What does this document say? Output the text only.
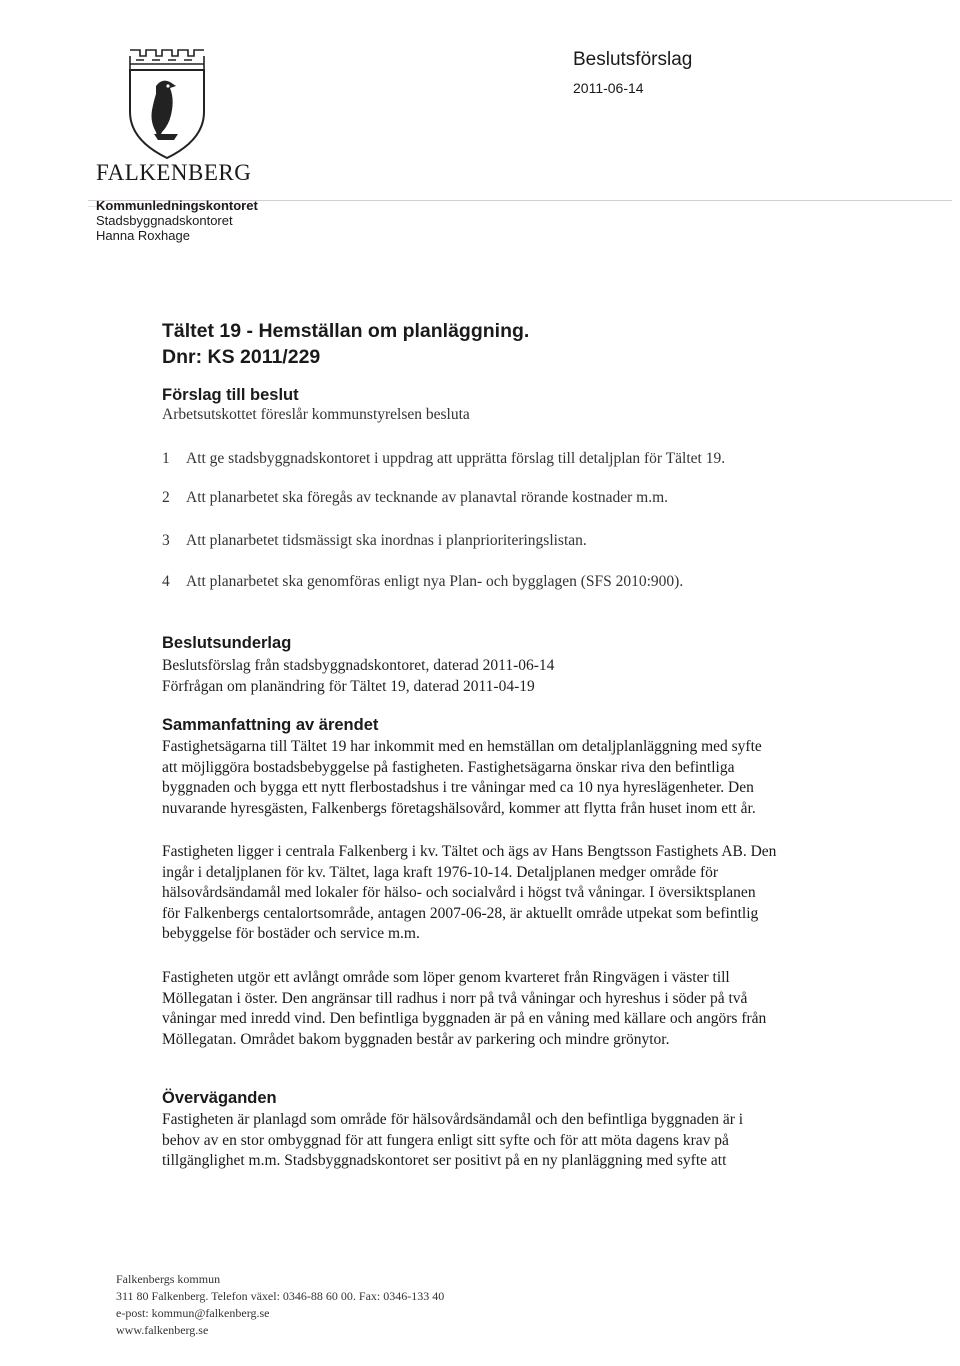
FALKENBERG
Kommunledningskontoret
Stadsbyggnadskontoret
Hanna Roxhage
Beslutsförslag
2011-06-14
Tältet 19 - Hemställan om planläggning.
Dnr: KS 2011/229
Förslag till beslut
Arbetsutskottet föreslår kommunstyrelsen besluta
1 Att ge stadsbyggnadskontoret i uppdrag att upprätta förslag till detaljplan för Tältet 19.
2 Att planarbetet ska föregås av tecknande av planavtal rörande kostnader m.m.
3 Att planarbetet tidsmässigt ska inordnas i planprioriteringslistan.
4 Att planarbetet ska genomföras enligt nya Plan- och bygglagen (SFS 2010:900).
Beslutsunderlag
Beslutsförslag från stadsbyggnadskontoret, daterad 2011-06-14
Förfrågan om planändring för Tältet 19, daterad 2011-04-19
Sammanfattning av ärendet
Fastighetsägarna till Tältet 19 har inkommit med en hemställan om detaljplanläggning med syfte
att möjliggöra bostadsbebyggelse på fastigheten. Fastighetsägarna önskar riva den befintliga
byggnaden och bygga ett nytt flerbostadshus i tre våningar med ca 10 nya hyreslägenheter. Den
nuvarande hyresgästen, Falkenbergs företagshälsovård, kommer att flytta från huset inom ett år.
Fastigheten ligger i centrala Falkenberg i kv. Tältet och ägs av Hans Bengtsson Fastighets AB. Den
ingår i detaljplanen för kv. Tältet, laga kraft 1976-10-14. Detaljplanen medger område för
hälsovårdsändamål med lokaler för hälso- och socialvård i högst två våningar. I översiktsplanen
för Falkenbergs centalortsområde, antagen 2007-06-28, är aktuellt område utpekat som befintlig
bebyggelse för bostäder och service m.m.
Fastigheten utgör ett avlångt område som löper genom kvarteret från Ringvägen i väster till
Möllegatan i öster. Den angränsar till radhus i norr på två våningar och hyreshus i söder på två
våningar med inredd vind. Den befintliga byggnaden är på en våning med källare och angörs från
Möllegatan. Området bakom byggnaden består av parkering och mindre grönytor.
Överväganden
Fastigheten är planlagd som område för hälsovårdsändamål och den befintliga byggnaden är i
behov av en stor ombyggnad för att fungera enligt sitt syfte och för att möta dagens krav på
tillgänglighet m.m. Stadsbyggnadskontoret ser positivt på en ny planläggning med syfte att
Falkenbergs kommun
311 80 Falkenberg. Telefon växel: 0346-88 60 00. Fax: 0346-133 40
e-post: kommun@falkenberg.se
www.falkenberg.se
